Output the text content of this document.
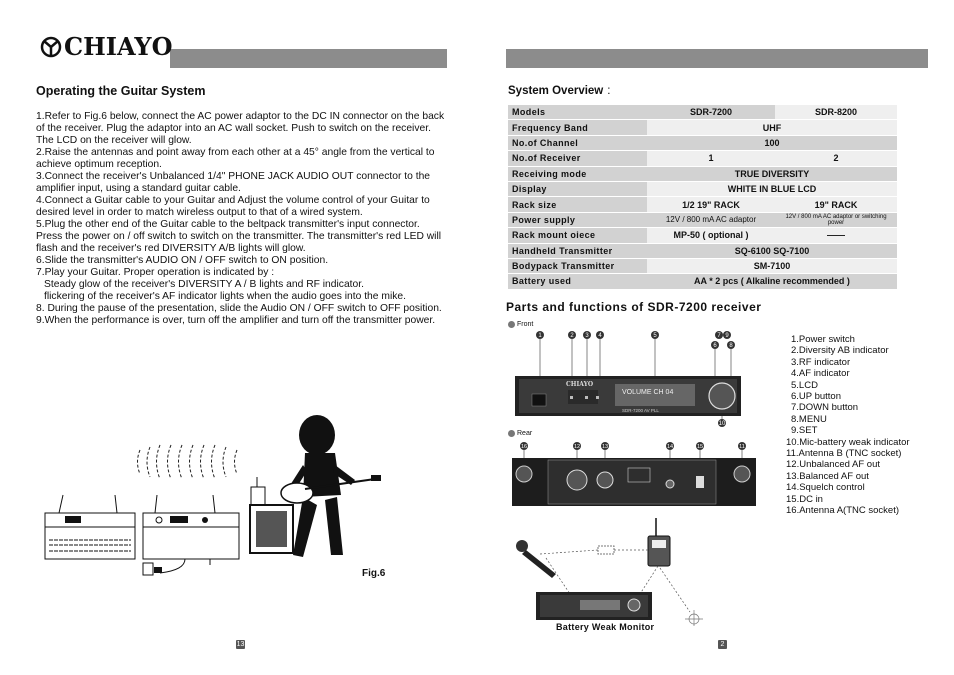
CHIAYO
Operating the Guitar System

1.Refer to Fig.6 below, connect the AC power adaptor to the DC IN connector on the back of the receiver. Plug the adaptor into an AC wall socket. Push to switch on the receiver. The LCD on the receiver will glow.

2.Raise the antennas and point away from each other at a 45° angle from the vertical to achieve optimum reception.

3.Connect the receiver's Unbalanced 1/4" PHONE JACK AUDIO OUT connector to the amplifier input, using a standard guitar cable.

4.Connect a Guitar cable to your Guitar and Adjust the volume control of your Guitar to desired level in order to match wireless output to that of a wired system.

5.Plug the other end of the Guitar cable to the beltpack transmitter's input connector. Press the power on / off switch to switch on the transmitter. The transmitter's red LED will flash and the receiver's red DIVERSITY A/B lights will glow.

6.Slide the transmitter's AUDIO ON / OFF switch to ON position.

7.Play your Guitar. Proper operation is indicated by :

Steady glow of the receiver's DIVERSITY A / B lights and RF indicator.

flickering of the receiver's AF indicator lights when the audio goes into the mike.

8. During the pause of the presentation, slide the Audio ON / OFF switch to OFF position.

9.When the performance is over, turn off the amplifier and turn off the transmitter power.

Fig.6
13
System Overview :
Models	SDR-7200	SDR-8200
Frequency Band	UHF	
No.of Channel	100	
No.of Receiver	1	2
Receiving mode	TRUE DIVERSITY	
Display	WHITE IN BLUE LCD	
Rack size	1/2 19" RACK	19" RACK
Power supply	12V / 800 mA AC adaptor	12V / 800 mA AC adaptor or switching power
Rack mount oiece	MP-50 ( optional )	——
Handheld Transmitter	SQ-6100 SQ-7100	
Bodypack Transmitter	SM-7100	
Battery used	AA * 2 pcs ( Alkaline recommended )	
Parts and functions of SDR-7200 receiver
Front
1	2 3 4	5	7 9
6 8
10
CHIAYO
VOLUME CH 04
SDR-7200 AV PLL
Rear
16	12	13	14	15	11
1.Power switch
2.Diversity AB indicator
3.RF indicator
4.AF indicator
5.LCD
6.UP button
7.DOWN button
8.MENU
9.SET
10.Mic-battery weak indicator
11.Antenna B (TNC socket)
12.Unbalanced AF out
13.Balanced AF out
14.Squelch control
15.DC in
16.Antenna A(TNC socket)
Battery Weak Monitor
2
